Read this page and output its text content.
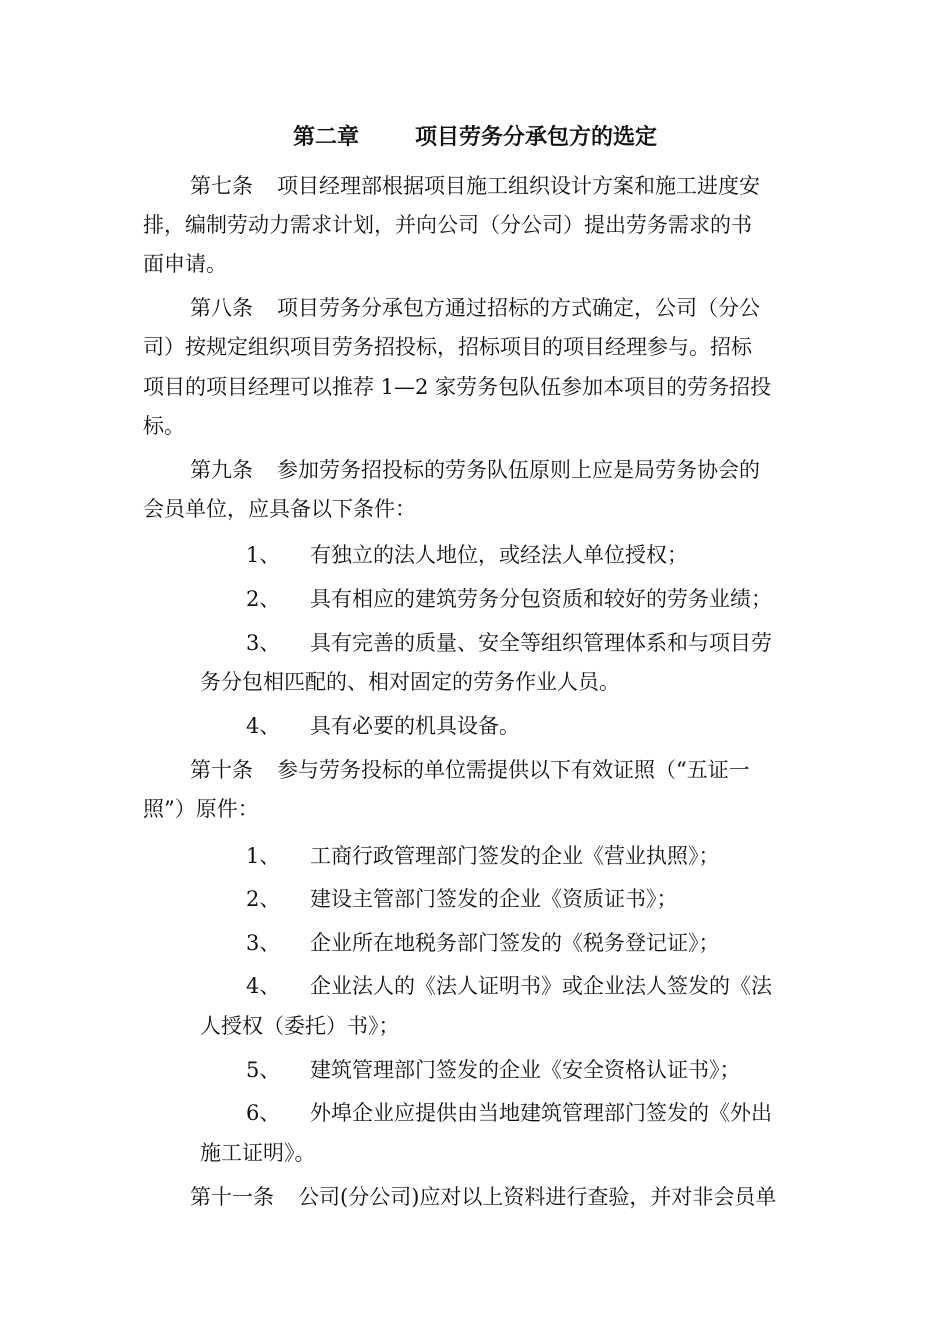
第二章	项目劳务分承包方的选定
第七条 项目经理部根据项目施工组织设计方案和施工进度安
排，编制劳动力需求计划，并向公司（分公司）提出劳务需求的书
面申请。
第八条 项目劳务分承包方通过招标的方式确定，公司（分公
司）按规定组织项目劳务招投标，招标项目的项目经理参与。招标
项目的项目经理可以推荐 1—2 家劳务包队伍参加本项目的劳务招投
标。
第九条 参加劳务招投标的劳务队伍原则上应是局劳务协会的
会员单位，应具备以下条件：
1、 有独立的法人地位，或经法人单位授权；
2、 具有相应的建筑劳务分包资质和较好的劳务业绩；
3、 具有完善的质量、安全等组织管理体系和与项目劳
务分包相匹配的、相对固定的劳务作业人员。
4、 具有必要的机具设备。
第十条 参与劳务投标的单位需提供以下有效证照（“五证一
照”）原件：
1、 工商行政管理部门签发的企业《营业执照》；
2、 建设主管部门签发的企业《资质证书》；
3、 企业所在地税务部门签发的《税务登记证》；
4、 企业法人的《法人证明书》或企业法人签发的《法
人授权（委托）书》；
5、 建筑管理部门签发的企业《安全资格认证书》；
6、 外埠企业应提供由当地建筑管理部门签发的《外出
施工证明》。
第十一条 公司(分公司)应对以上资料进行查验，并对非会员单
